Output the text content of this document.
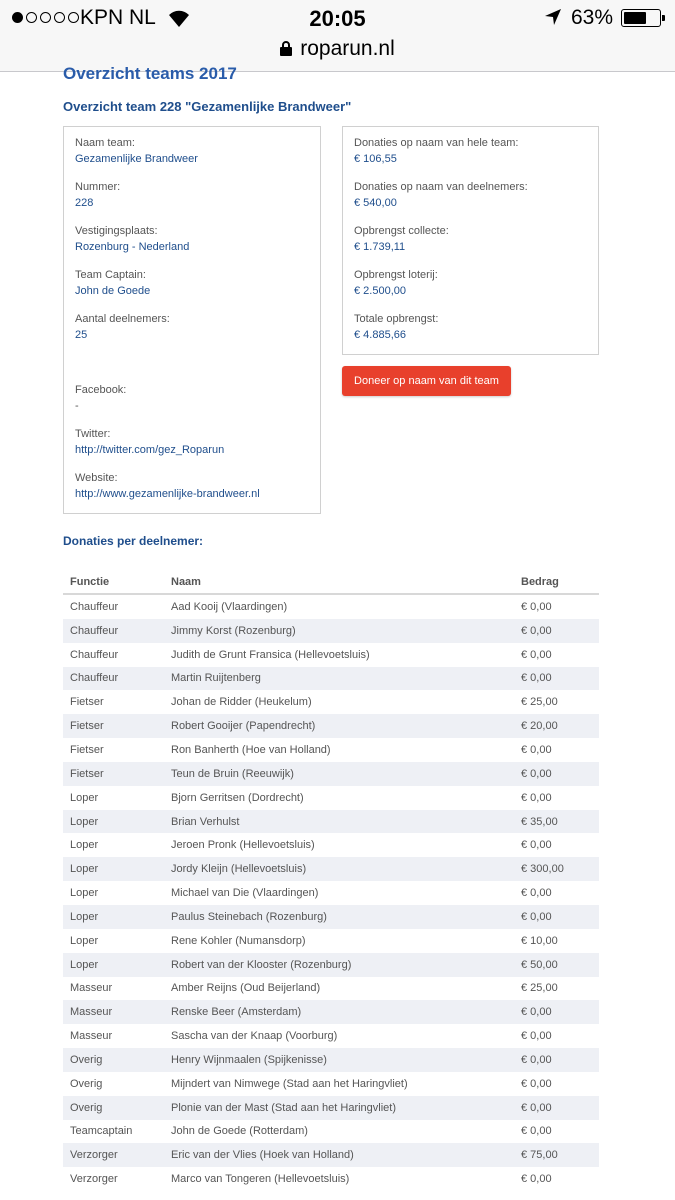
KPN NL	20:05	63%
roparun.nl
Overzicht teams 2017
Overzicht team 228 "Gezamenlijke Brandweer"
Naam team:
Gezamenlijke Brandweer
Nummer:
228
Vestigingsplaats:
Rozenburg - Nederland
Team Captain:
John de Goede
Aantal deelnemers:
25
Facebook:
-
Twitter:
http://twitter.com/gez_Roparun
Website:
http://www.gezamenlijke-brandweer.nl
Donaties op naam van hele team:
€ 106,55
Donaties op naam van deelnemers:
€ 540,00
Opbrengst collecte:
€ 1.739,11
Opbrengst loterij:
€ 2.500,00
Totale opbrengst:
€ 4.885,66
Doneer op naam van dit team
Donaties per deelnemer:
Functie	Naam	Bedrag
Chauffeur	Aad Kooij (Vlaardingen)	€ 0,00
Chauffeur	Jimmy Korst (Rozenburg)	€ 0,00
Chauffeur	Judith de Grunt Fransica (Hellevoetsluis)	€ 0,00
Chauffeur	Martin Ruijtenberg	€ 0,00
Fietser	Johan de Ridder (Heukelum)	€ 25,00
Fietser	Robert Gooijer (Papendrecht)	€ 20,00
Fietser	Ron Banherth (Hoe van Holland)	€ 0,00
Fietser	Teun de Bruin (Reeuwijk)	€ 0,00
Loper	Bjorn Gerritsen (Dordrecht)	€ 0,00
Loper	Brian Verhulst	€ 35,00
Loper	Jeroen Pronk (Hellevoetsluis)	€ 0,00
Loper	Jordy Kleijn (Hellevoetsluis)	€ 300,00
Loper	Michael van Die (Vlaardingen)	€ 0,00
Loper	Paulus Steinebach (Rozenburg)	€ 0,00
Loper	Rene Kohler (Numansdorp)	€ 10,00
Loper	Robert van der Klooster (Rozenburg)	€ 50,00
Masseur	Amber Reijns (Oud Beijerland)	€ 25,00
Masseur	Renske Beer (Amsterdam)	€ 0,00
Masseur	Sascha van der Knaap (Voorburg)	€ 0,00
Overig	Henry Wijnmaalen (Spijkenisse)	€ 0,00
Overig	Mijndert van Nimwege (Stad aan het Haringvliet)	€ 0,00
Overig	Plonie van der Mast (Stad aan het Haringvliet)	€ 0,00
Teamcaptain	John de Goede (Rotterdam)	€ 0,00
Verzorger	Eric van der Vlies (Hoek van Holland)	€ 75,00
Verzorger	Marco van Tongeren (Hellevoetsluis)	€ 0,00
